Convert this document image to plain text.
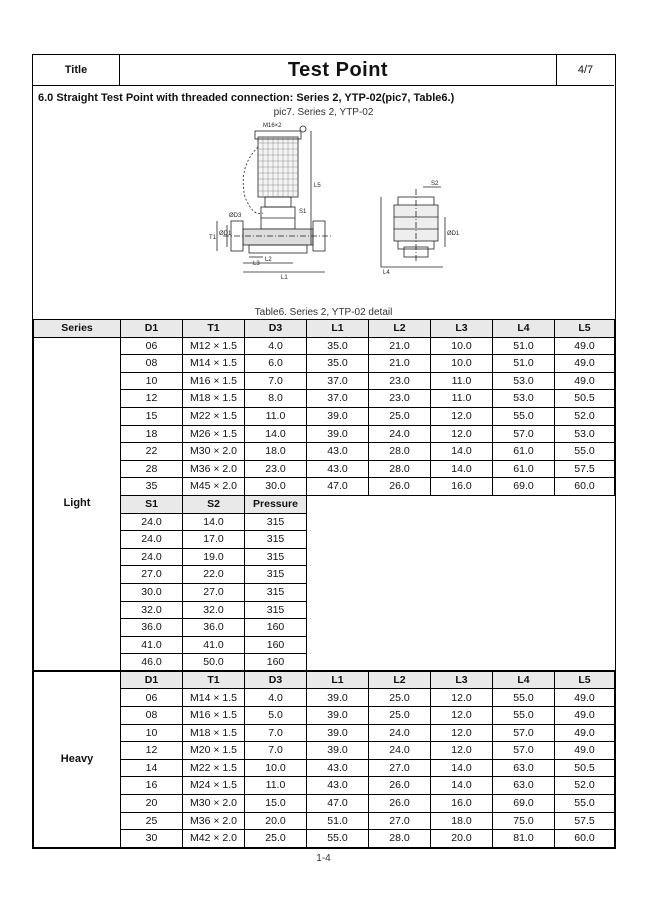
Title	Test Point	4/7
6.0 Straight Test Point with threaded connection: Series 2, YTP-02(pic7, Table6.)
pic7. Series 2, YTP-02
M16×2
S1
L5
T1
ØD1
ØD3
L3
L2
L1
S2
L4
ØD1
Table6. Series 2, YTP-02 detail
Series	D1	T1	D3	L1	L2	L3	L4	L5
Light	06	M12 × 1.5	4.0	35.0	21.0	10.0	51.0	49.0
	08	M14 × 1.5	6.0	35.0	21.0	10.0	51.0	49.0
	10	M16 × 1.5	7.0	37.0	23.0	11.0	53.0	49.0
	12	M18 × 1.5	8.0	37.0	23.0	11.0	53.0	50.5
	15	M22 × 1.5	11.0	39.0	25.0	12.0	55.0	52.0
	18	M26 × 1.5	14.0	39.0	24.0	12.0	57.0	53.0
	22	M30 × 2.0	18.0	43.0	28.0	14.0	61.0	55.0
	28	M36 × 2.0	23.0	43.0	28.0	14.0	61.0	57.5
	35	M45 × 2.0	30.0	47.0	26.0	16.0	69.0	60.0
	S1	S2	Pressure					
	24.0	14.0	315					
	24.0	17.0	315					
	24.0	19.0	315					
	27.0	22.0	315					
	30.0	27.0	315					
	32.0	32.0	315					
	36.0	36.0	160					
	41.0	41.0	160					
	46.0	50.0	160					
Heavy	D1	T1	D3	L1	L2	L3	L4	L5
	06	M14 × 1.5	4.0	39.0	25.0	12.0	55.0	49.0
	08	M16 × 1.5	5.0	39.0	25.0	12.0	55.0	49.0
	10	M18 × 1.5	7.0	39.0	24.0	12.0	57.0	49.0
	12	M20 × 1.5	7.0	39.0	24.0	12.0	57.0	49.0
	14	M22 × 1.5	10.0	43.0	27.0	14.0	63.0	50.5
	16	M24 × 1.5	11.0	43.0	26.0	14.0	63.0	52.0
	20	M30 × 2.0	15.0	47.0	26.0	16.0	69.0	55.0
	25	M36 × 2.0	20.0	51.0	27.0	18.0	75.0	57.5
	30	M42 × 2.0	25.0	55.0	28.0	20.0	81.0	60.0
1-4
